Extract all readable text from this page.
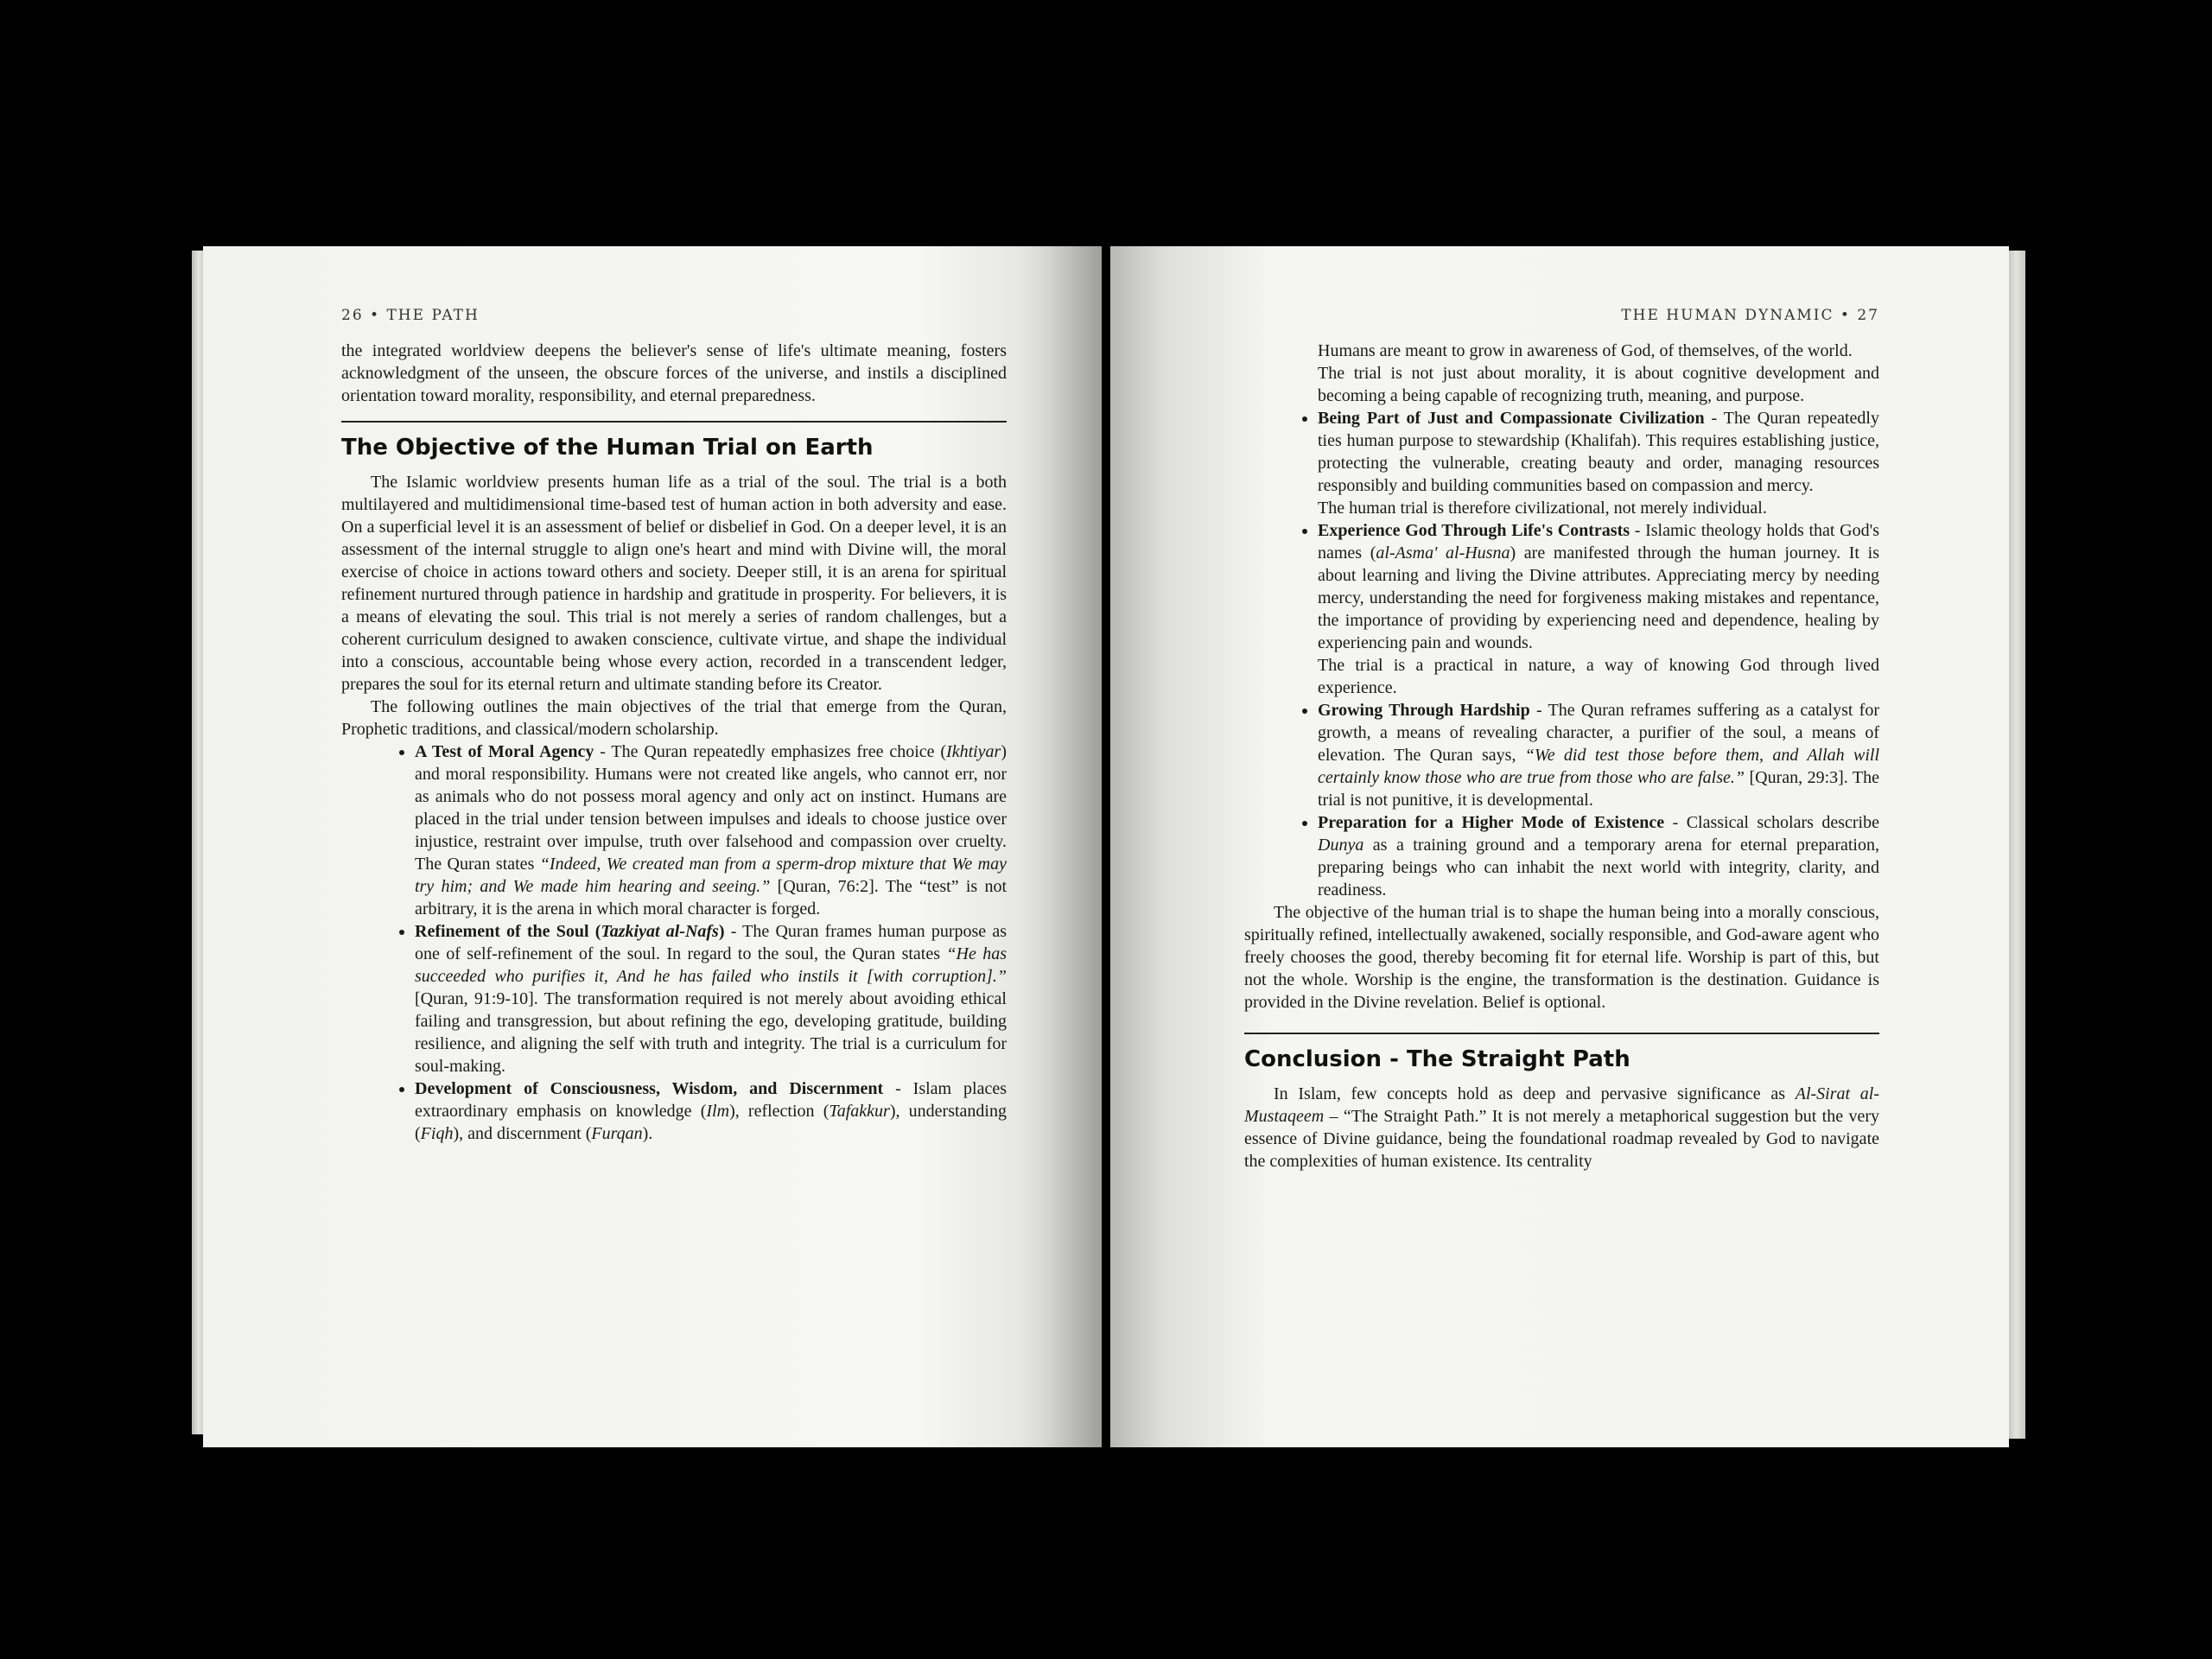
26 • THE PATH

the integrated worldview deepens the believer's sense of life's ultimate meaning, fosters acknowledgment of the unseen, the obscure forces of the universe, and instils a disciplined orientation toward morality, responsibility, and eternal preparedness.

The Objective of the Human Trial on Earth

The Islamic worldview presents human life as a trial of the soul. The trial is a both multilayered and multidimensional time-based test of human action in both adversity and ease. On a superficial level it is an assessment of belief or disbelief in God. On a deeper level, it is an assessment of the internal struggle to align one's heart and mind with Divine will, the moral exercise of choice in actions toward others and society. Deeper still, it is an arena for spiritual refinement nurtured through patience in hardship and gratitude in prosperity. For believers, it is a means of elevating the soul. This trial is not merely a series of random challenges, but a coherent curriculum designed to awaken conscience, cultivate virtue, and shape the individual into a conscious, accountable being whose every action, recorded in a transcendent ledger, prepares the soul for its eternal return and ultimate standing before its Creator.

The following outlines the main objectives of the trial that emerge from the Quran, Prophetic traditions, and classical/modern scholarship.

• A Test of Moral Agency - The Quran repeatedly emphasizes free choice (Ikhtiyar) and moral responsibility. Humans were not created like angels, who cannot err, nor as animals who do not possess moral agency and only act on instinct. Humans are placed in the trial under tension between impulses and ideals to choose justice over injustice, restraint over impulse, truth over falsehood and compassion over cruelty. The Quran states “Indeed, We created man from a sperm-drop mixture that We may try him; and We made him hearing and seeing.” [Quran, 76:2]. The “test” is not arbitrary, it is the arena in which moral character is forged.
• Refinement of the Soul (Tazkiyat al-Nafs) - The Quran frames human purpose as one of self-refinement of the soul. In regard to the soul, the Quran states “He has succeeded who purifies it, And he has failed who instils it [with corruption].” [Quran, 91:9-10]. The transformation required is not merely about avoiding ethical failing and transgression, but about refining the ego, developing gratitude, building resilience, and aligning the self with truth and integrity. The trial is a curriculum for soul-making.
• Development of Consciousness, Wisdom, and Discernment - Islam places extraordinary emphasis on knowledge (Ilm), reflection (Tafakkur), understanding (Fiqh), and discernment (Furqan).
THE HUMAN DYNAMIC • 27

Humans are meant to grow in awareness of God, of themselves, of the world.

The trial is not just about morality, it is about cognitive development and becoming a being capable of recognizing truth, meaning, and purpose.

• Being Part of Just and Compassionate Civilization - The Quran repeatedly ties human purpose to stewardship (Khalifah). This requires establishing justice, protecting the vulnerable, creating beauty and order, managing resources responsibly and building communities based on compassion and mercy.
The human trial is therefore civilizational, not merely individual.
• Experience God Through Life's Contrasts - Islamic theology holds that God's names (al-Asma' al-Husna) are manifested through the human journey. It is about learning and living the Divine attributes. Appreciating mercy by needing mercy, understanding the need for forgiveness making mistakes and repentance, the importance of providing by experiencing need and dependence, healing by experiencing pain and wounds.
The trial is a practical in nature, a way of knowing God through lived experience.
• Growing Through Hardship - The Quran reframes suffering as a catalyst for growth, a means of revealing character, a purifier of the soul, a means of elevation. The Quran says, “We did test those before them, and Allah will certainly know those who are true from those who are false.” [Quran, 29:3]. The trial is not punitive, it is developmental.
• Preparation for a Higher Mode of Existence - Classical scholars describe Dunya as a training ground and a temporary arena for eternal preparation, preparing beings who can inhabit the next world with integrity, clarity, and readiness.

The objective of the human trial is to shape the human being into a morally conscious, spiritually refined, intellectually awakened, socially responsible, and God-aware agent who freely chooses the good, thereby becoming fit for eternal life. Worship is part of this, but not the whole. Worship is the engine, the transformation is the destination. Guidance is provided in the Divine revelation. Belief is optional.

Conclusion - The Straight Path

In Islam, few concepts hold as deep and pervasive significance as Al-Sirat al-Mustaqeem – “The Straight Path.” It is not merely a metaphorical suggestion but the very essence of Divine guidance, being the foundational roadmap revealed by God to navigate the complexities of human existence. Its centrality
